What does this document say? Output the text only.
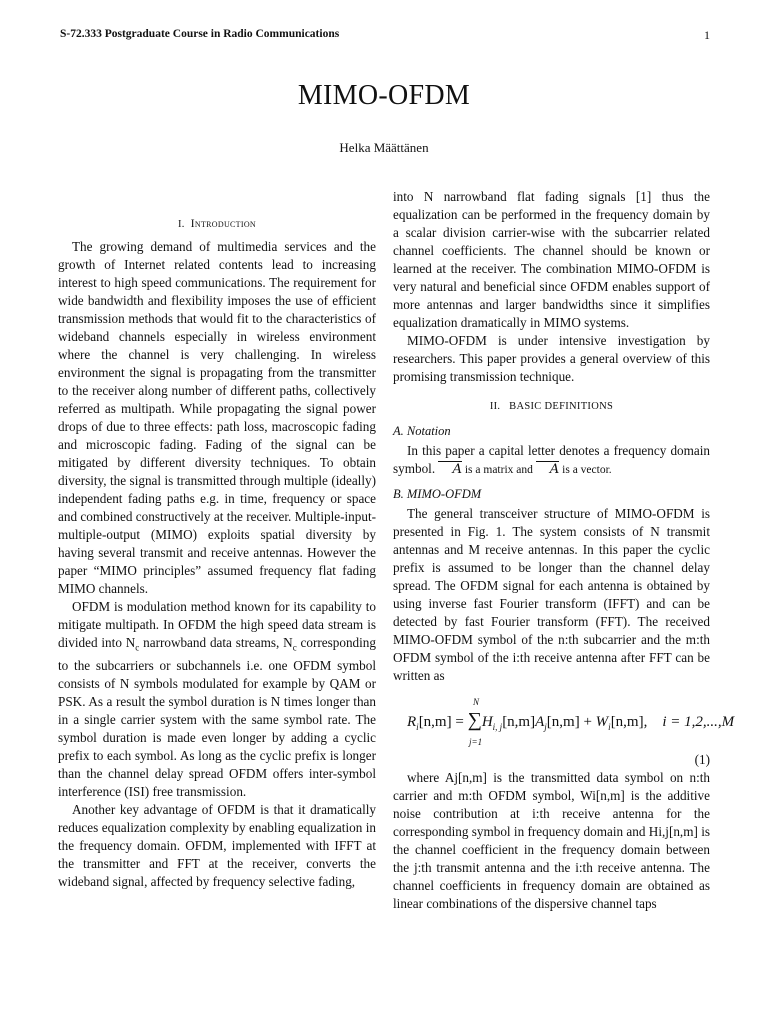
S-72.333 Postgraduate Course in Radio Communications	1
MIMO-OFDM
Helka Määttänen
I. Introduction

The growing demand of multimedia services and the growth of Internet related contents lead to increasing interest to high speed communications. The requirement for wide bandwidth and flexibility imposes the use of efficient transmission methods that would fit to the characteristics of wideband channels especially in wireless environment where the channel is very challenging. In wireless environment the signal is propagating from the transmitter to the receiver along number of different paths, collectively referred as multipath. While propagating the signal power drops of due to three effects: path loss, macroscopic fading and microscopic fading. Fading of the signal can be mitigated by different diversity techniques. To obtain diversity, the signal is transmitted through multiple (ideally) independent fading paths e.g. in time, frequency or space and combined constructively at the receiver. Multiple-input-multiple-output (MIMO) exploits spatial diversity by having several transmit and receive antennas. However the paper “MIMO principles” assumed frequency flat fading MIMO channels.

OFDM is modulation method known for its capability to mitigate multipath. In OFDM the high speed data stream is divided into $N_c$ narrowband data streams, $N_c$ corresponding to the subcarriers or subchannels i.e. one OFDM symbol consists of N symbols modulated for example by QAM or PSK. As a result the symbol duration is N times longer than in a single carrier system with the same symbol rate. The symbol duration is made even longer by adding a cyclic prefix to each symbol. As long as the cyclic prefix is longer than the channel delay spread OFDM offers inter-symbol interference (ISI) free transmission.

Another key advantage of OFDM is that it dramatically reduces equalization complexity by enabling equalization in the frequency domain. OFDM, implemented with IFFT at the transmitter and FFT at the receiver, converts the wideband signal, affected by frequency selective fading,

into N narrowband flat fading signals [1] thus the equalization can be performed in the frequency domain by a scalar division carrier-wise with the subcarrier related channel coefficients. The channel should be known or learned at the receiver. The combination MIMO-OFDM is very natural and beneficial since OFDM enables support of more antennas and larger bandwidths since it simplifies equalization dramatically in MIMO systems.

MIMO-OFDM is under intensive investigation by researchers. This paper provides a general overview of this promising transmission technique.

II. BASIC DEFINITIONS
A. Notation

In this paper a capital letter denotes a frequency domain symbol. A is a matrix and A is a vector.

B. MIMO-OFDM

The general transceiver structure of MIMO-OFDM is presented in Fig. 1. The system consists of N transmit antennas and M receive antennas. In this paper the cyclic prefix is assumed to be longer than the channel delay spread. The OFDM signal for each antenna is obtained by using inverse fast Fourier transform (IFFT) and can be detected by fast Fourier transform (FFT). The received MIMO-OFDM symbol of the n:th subcarrier and the m:th OFDM symbol of the i:th receive antenna after FFT can be written as

N
$R_i[n,m] = \sum H_{i, j}[n,m]A_j[n,m] + W_i[n,m]$, i = 1,2,...,M
j=1
(1)

where Aj[n,m] is the transmitted data symbol on n:th carrier and m:th OFDM symbol, Wi[n,m] is the additive noise contribution at i:th receive antenna for the corresponding symbol in frequency domain and Hi,j[n,m] is the channel coefficient in the frequency domain between the j:th transmit antenna and the i:th receive antenna. The channel coefficients in frequency domain are obtained as linear combinations of the dispersive channel taps
